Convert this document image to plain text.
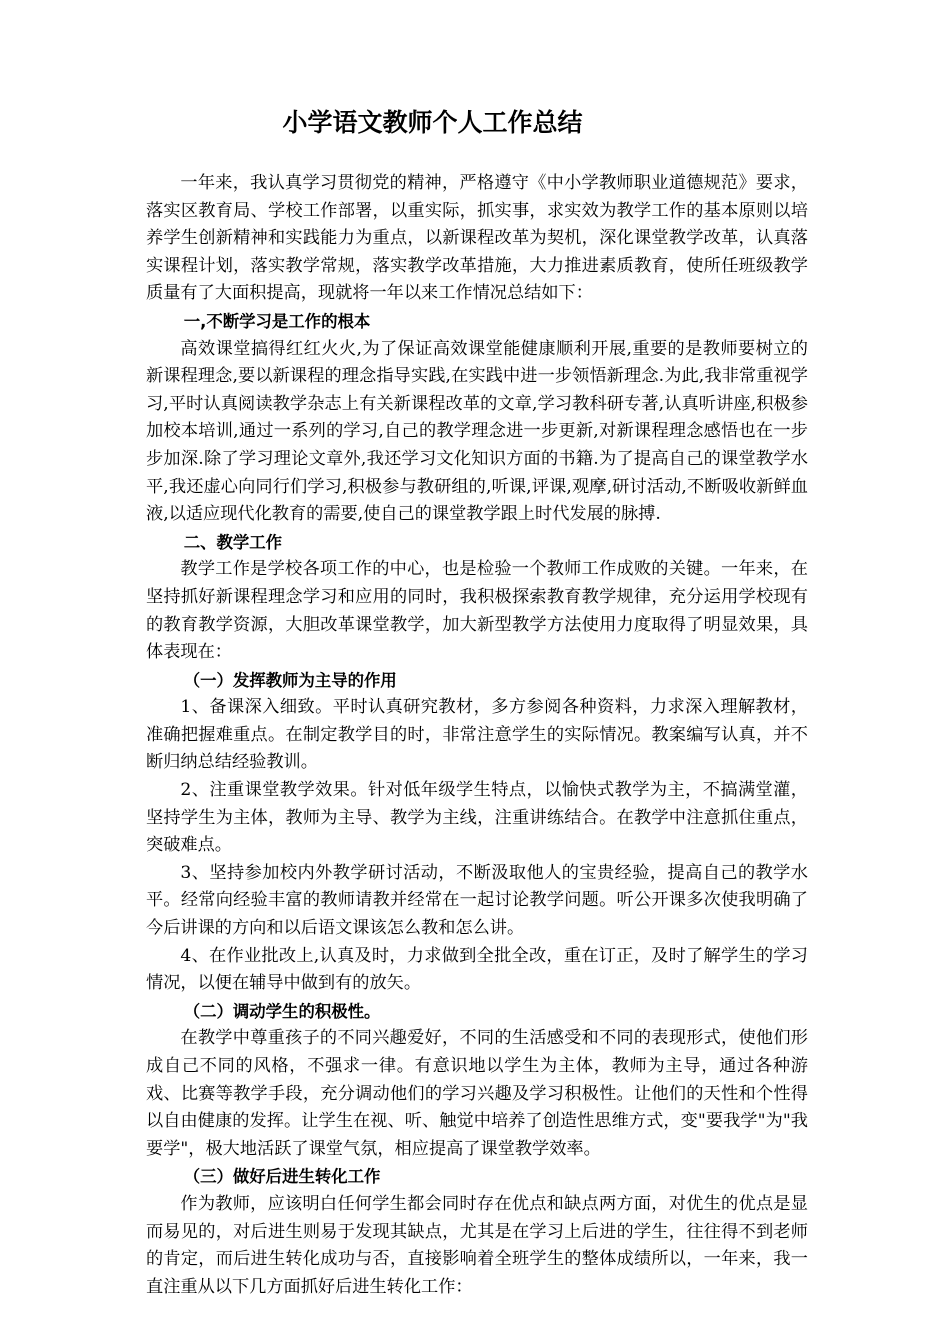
小学语文教师个人工作总结

一年来，我认真学习贯彻党的精神，严格遵守《中小学教师职业道德规范》要求，落实区教育局、学校工作部署，以重实际，抓实事，求实效为教学工作的基本原则以培养学生创新精神和实践能力为重点，以新课程改革为契机，深化课堂教学改革，认真落实课程计划，落实教学常规，落实教学改革措施，大力推进素质教育，使所任班级教学质量有了大面积提高，现就将一年以来工作情况总结如下：

一,不断学习是工作的根本

高效课堂搞得红红火火,为了保证高效课堂能健康顺利开展,重要的是教师要树立的新课程理念,要以新课程的理念指导实践,在实践中进一步领悟新理念.为此,我非常重视学习,平时认真阅读教学杂志上有关新课程改革的文章,学习教科研专著,认真听讲座,积极参加校本培训,通过一系列的学习,自己的教学理念进一步更新,对新课程理念感悟也在一步步加深.除了学习理论文章外,我还学习文化知识方面的书籍.为了提高自己的课堂教学水平,我还虚心向同行们学习,积极参与教研组的,听课,评课,观摩,研讨活动,不断吸收新鲜血液,以适应现代化教育的需要,使自己的课堂教学跟上时代发展的脉搏.

二、教学工作

教学工作是学校各项工作的中心，也是检验一个教师工作成败的关键。一年来，在坚持抓好新课程理念学习和应用的同时，我积极探索教育教学规律，充分运用学校现有的教育教学资源，大胆改革课堂教学，加大新型教学方法使用力度取得了明显效果，具体表现在：

（一）发挥教师为主导的作用

1、备课深入细致。平时认真研究教材，多方参阅各种资料，力求深入理解教材，准确把握难重点。在制定教学目的时，非常注意学生的实际情况。教案编写认真，并不断归纳总结经验教训。

2、注重课堂教学效果。针对低年级学生特点，以愉快式教学为主，不搞满堂灌，坚持学生为主体，教师为主导、教学为主线，注重讲练结合。在教学中注意抓住重点，突破难点。

3、坚持参加校内外教学研讨活动，不断汲取他人的宝贵经验，提高自己的教学水平。经常向经验丰富的教师请教并经常在一起讨论教学问题。听公开课多次使我明确了今后讲课的方向和以后语文课该怎么教和怎么讲。

4、在作业批改上,认真及时，力求做到全批全改，重在订正，及时了解学生的学习情况，以便在辅导中做到有的放矢。

（二）调动学生的积极性。

在教学中尊重孩子的不同兴趣爱好，不同的生活感受和不同的表现形式，使他们形成自己不同的风格，不强求一律。有意识地以学生为主体，教师为主导，通过各种游戏、比赛等教学手段，充分调动他们的学习兴趣及学习积极性。让他们的天性和个性得以自由健康的发挥。让学生在视、听、触觉中培养了创造性思维方式，变"要我学"为"我要学"，极大地活跃了课堂气氛，相应提高了课堂教学效率。

（三）做好后进生转化工作

作为教师，应该明白任何学生都会同时存在优点和缺点两方面，对优生的优点是显而易见的，对后进生则易于发现其缺点，尤其是在学习上后进的学生，往往得不到老师的肯定，而后进生转化成功与否，直接影响着全班学生的整体成绩所以，一年来，我一直注重从以下几方面抓好后进生转化工作：
